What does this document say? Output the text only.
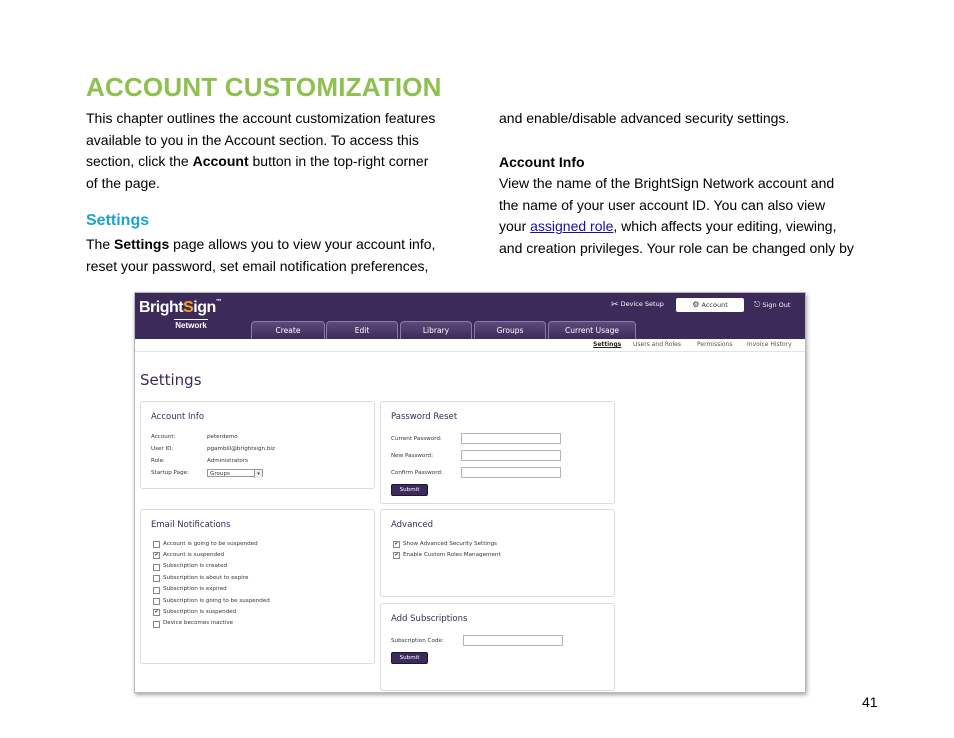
ACCOUNT CUSTOMIZATION
This chapter outlines the account customization features
available to you in the Account section. To access this
section, click the Account button in the top-right corner
of the page.
Settings
The Settings page allows you to view your account info,
reset your password, set email notification preferences,
and enable/disable advanced security settings.
Account Info
View the name of the BrightSign Network account and
the name of your user account ID. You can also view
your assigned role, which affects your editing, viewing,
and creation privileges. Your role can be changed only by
BrightSign™
Network
✂ Device Setup	⚙ Account	⎋ Sign Out
Create	Edit	Library	Groups	Current Usage
Settings Users and Roles	Permissions Invoice History
Settings
Account Info
Account:	peterdemo
User ID:	pgambill@brightsign.biz
Role:	Administrators
Startup Page:	Groups	▾
Password Reset
Current Password:
New Password:
Confirm Password:
Submit
Email Notifications
Account is going to be suspended
✔ Account is suspended
Subscription is created
Subscription is about to expire
Subscription is expired
Subscription is going to be suspended
✔ Subscription is suspended
Device becomes inactive
Advanced
✔ Show Advanced Security Settings
✔ Enable Custom Roles Management
Add Subscriptions
Subscription Code:
Submit
41
